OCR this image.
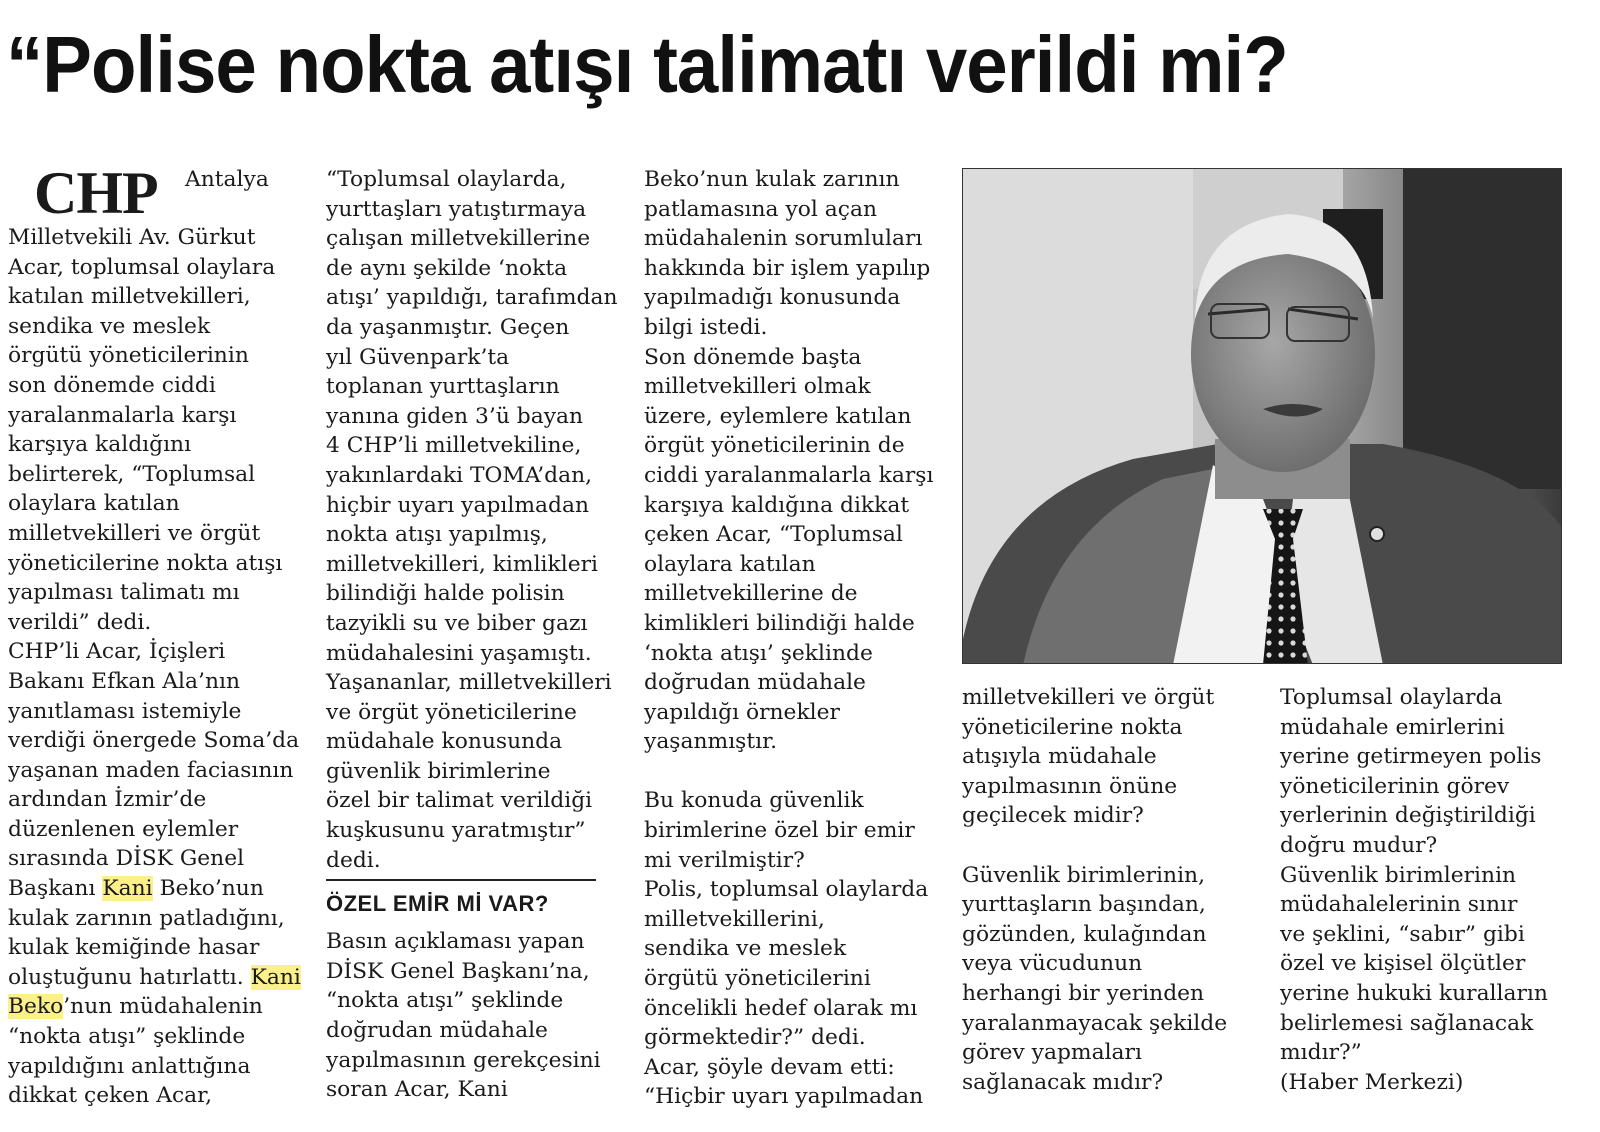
“Polise nokta atışı talimatı verildi mi?
CHP Antalya

Milletvekili Av. Gürkut

Acar, toplumsal olaylara

katılan milletvekilleri,

sendika ve meslek

örgütü yöneticilerinin

son dönemde ciddi

yaralanmalarla karşı

karşıya kaldığını

belirterek, “Toplumsal

olaylara katılan

milletvekilleri ve örgüt

yöneticilerine nokta atışı

yapılması talimatı mı

verildi” dedi.

CHP’li Acar, İçişleri

Bakanı Efkan Ala’nın

yanıtlaması istemiyle

verdiği önergede Soma’da

yaşanan maden faciasının

ardından İzmir’de

düzenlenen eylemler

sırasında DİSK Genel

Başkanı Kani Beko’nun

kulak zarının patladığını,

kulak kemiğinde hasar

oluştuğunu hatırlattı. Kani

Beko’nun müdahalenin

“nokta atışı” şeklinde

yapıldığını anlattığına

dikkat çeken Acar,

“Toplumsal olaylarda,

yurttaşları yatıştırmaya

çalışan milletvekillerine

de aynı şekilde ‘nokta

atışı’ yapıldığı, tarafımdan

da yaşanmıştır. Geçen

yıl Güvenpark’ta

toplanan yurttaşların

yanına giden 3’ü bayan

4 CHP’li milletvekiline,

yakınlardaki TOMA’dan,

hiçbir uyarı yapılmadan

nokta atışı yapılmış,

milletvekilleri, kimlikleri

bilindiği halde polisin

tazyikli su ve biber gazı

müdahalesini yaşamıştı.

Yaşananlar, milletvekilleri

ve örgüt yöneticilerine

müdahale konusunda

güvenlik birimlerine

özel bir talimat verildiği

kuşkusunu yaratmıştır”

dedi.

ÖZEL EMİR Mİ VAR?

Basın açıklaması yapan

DİSK Genel Başkanı’na,

“nokta atışı” şeklinde

doğrudan müdahale

yapılmasının gerekçesini

soran Acar, Kani

Beko’nun kulak zarının

patlamasına yol açan

müdahalenin sorumluları

hakkında bir işlem yapılıp

yapılmadığı konusunda

bilgi istedi.

Son dönemde başta

milletvekilleri olmak

üzere, eylemlere katılan

örgüt yöneticilerinin de

ciddi yaralanmalarla karşı

karşıya kaldığına dikkat

çeken Acar, “Toplumsal

olaylara katılan

milletvekillerine de

kimlikleri bilindiği halde

‘nokta atışı’ şeklinde

doğrudan müdahale

yapıldığı örnekler

yaşanmıştır.

Bu konuda güvenlik

birimlerine özel bir emir

mi verilmiştir?

Polis, toplumsal olaylarda

milletvekillerini,

sendika ve meslek

örgütü yöneticilerini

öncelikli hedef olarak mı

görmektedir?” dedi.

Acar, şöyle devam etti:

“Hiçbir uyarı yapılmadan

milletvekilleri ve örgüt

yöneticilerine nokta

atışıyla müdahale

yapılmasının önüne

geçilecek midir?

Güvenlik birimlerinin,

yurttaşların başından,

gözünden, kulağından

veya vücudunun

herhangi bir yerinden

yaralanmayacak şekilde

görev yapmaları

sağlanacak mıdır?

Toplumsal olaylarda

müdahale emirlerini

yerine getirmeyen polis

yöneticilerinin görev

yerlerinin değiştirildiği

doğru mudur?

Güvenlik birimlerinin

müdahalelerinin sınır

ve şeklini, “sabır” gibi

özel ve kişisel ölçütler

yerine hukuki kuralların

belirlemesi sağlanacak

mıdır?”

(Haber Merkezi)
